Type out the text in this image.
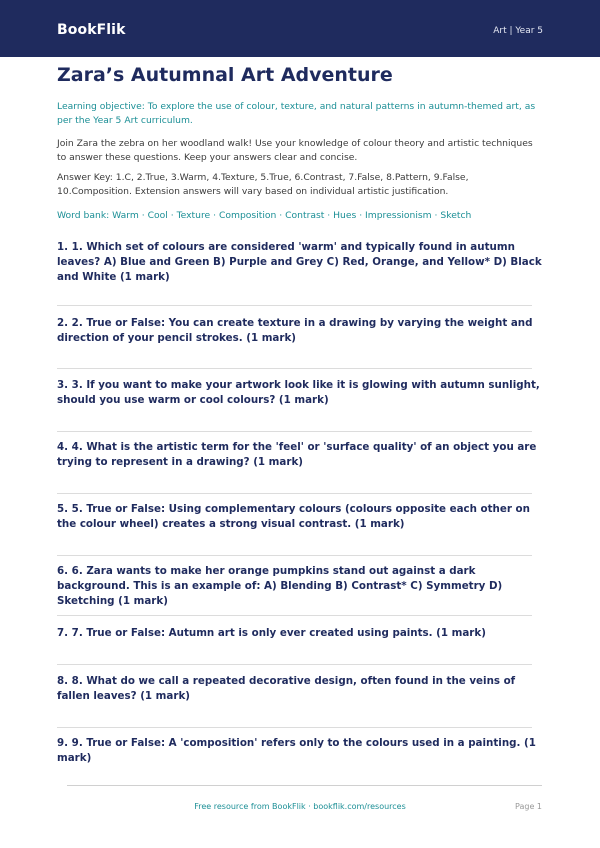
BookFlik	Art | Year 5
Zara’s Autumnal Art Adventure
Learning objective: To explore the use of colour, texture, and natural patterns in autumn-themed art, as per the Year 5 Art curriculum.
Join Zara the zebra on her woodland walk! Use your knowledge of colour theory and artistic techniques to answer these questions. Keep your answers clear and concise.
Answer Key: 1.C, 2.True, 3.Warm, 4.Texture, 5.True, 6.Contrast, 7.False, 8.Pattern, 9.False, 10.Composition. Extension answers will vary based on individual artistic justification.
Word bank: Warm · Cool · Texture · Composition · Contrast · Hues · Impressionism · Sketch
1. 1. Which set of colours are considered 'warm' and typically found in autumn leaves? A) Blue and Green B) Purple and Grey C) Red, Orange, and Yellow* D) Black and White (1 mark)
2. 2. True or False: You can create texture in a drawing by varying the weight and direction of your pencil strokes. (1 mark)
3. 3. If you want to make your artwork look like it is glowing with autumn sunlight, should you use warm or cool colours? (1 mark)
4. 4. What is the artistic term for the 'feel' or 'surface quality' of an object you are trying to represent in a drawing? (1 mark)
5. 5. True or False: Using complementary colours (colours opposite each other on the colour wheel) creates a strong visual contrast. (1 mark)
6. 6. Zara wants to make her orange pumpkins stand out against a dark background. This is an example of: A) Blending B) Contrast* C) Symmetry D) Sketching (1 mark)
7. 7. True or False: Autumn art is only ever created using paints. (1 mark)
8. 8. What do we call a repeated decorative design, often found in the veins of fallen leaves? (1 mark)
9. 9. True or False: A 'composition' refers only to the colours used in a painting. (1 mark)
Free resource from BookFlik · bookflik.com/resources	Page 1
